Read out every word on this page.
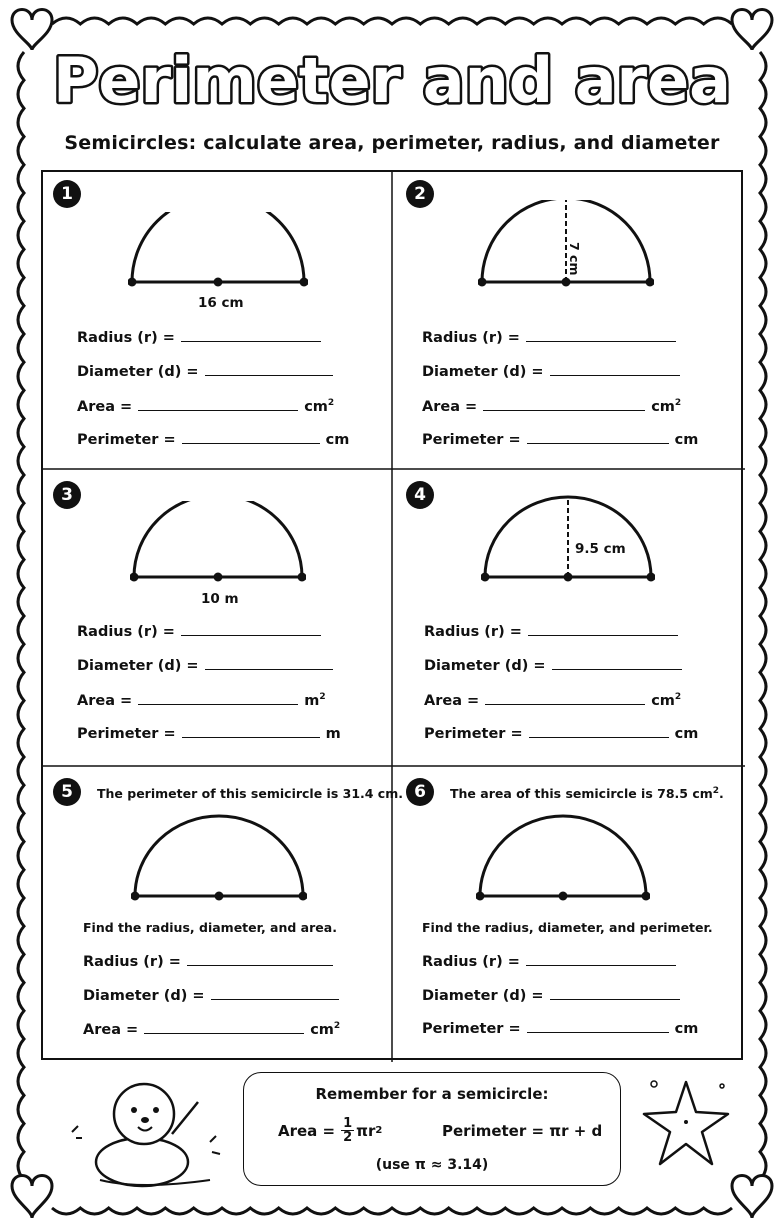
Perimeter and area
Semicircles: calculate area, perimeter, radius, and diameter
1
16 cm
Radius (r) =
Diameter (d) =
Area =	$cm^2$
Perimeter =	cm
2
7 cm
Radius (r) =
Diameter (d) =
Area =	$cm^2$
Perimeter =	cm
3
10 m
Radius (r) =
Diameter (d) =
Area =	$m^2$
Perimeter =	m
4
9.5 cm
Radius (r) =
Diameter (d) =
Area =	$cm^2$
Perimeter =	cm
5	The perimeter of this semicircle is 31.4 cm.
Find the radius, diameter, and area.
Radius (r) =
Diameter (d) =
Area =	$cm^2$
6	The area of this semicircle is 78.5 $cm^2$.
Find the radius, diameter, and perimeter.
Radius (r) =
Diameter (d) =
Perimeter =	cm
Remember for a semicircle:
Area = $\frac{1}{2}$ πr 2	Perimeter = πr + d
(use π ≈ 3.14)
